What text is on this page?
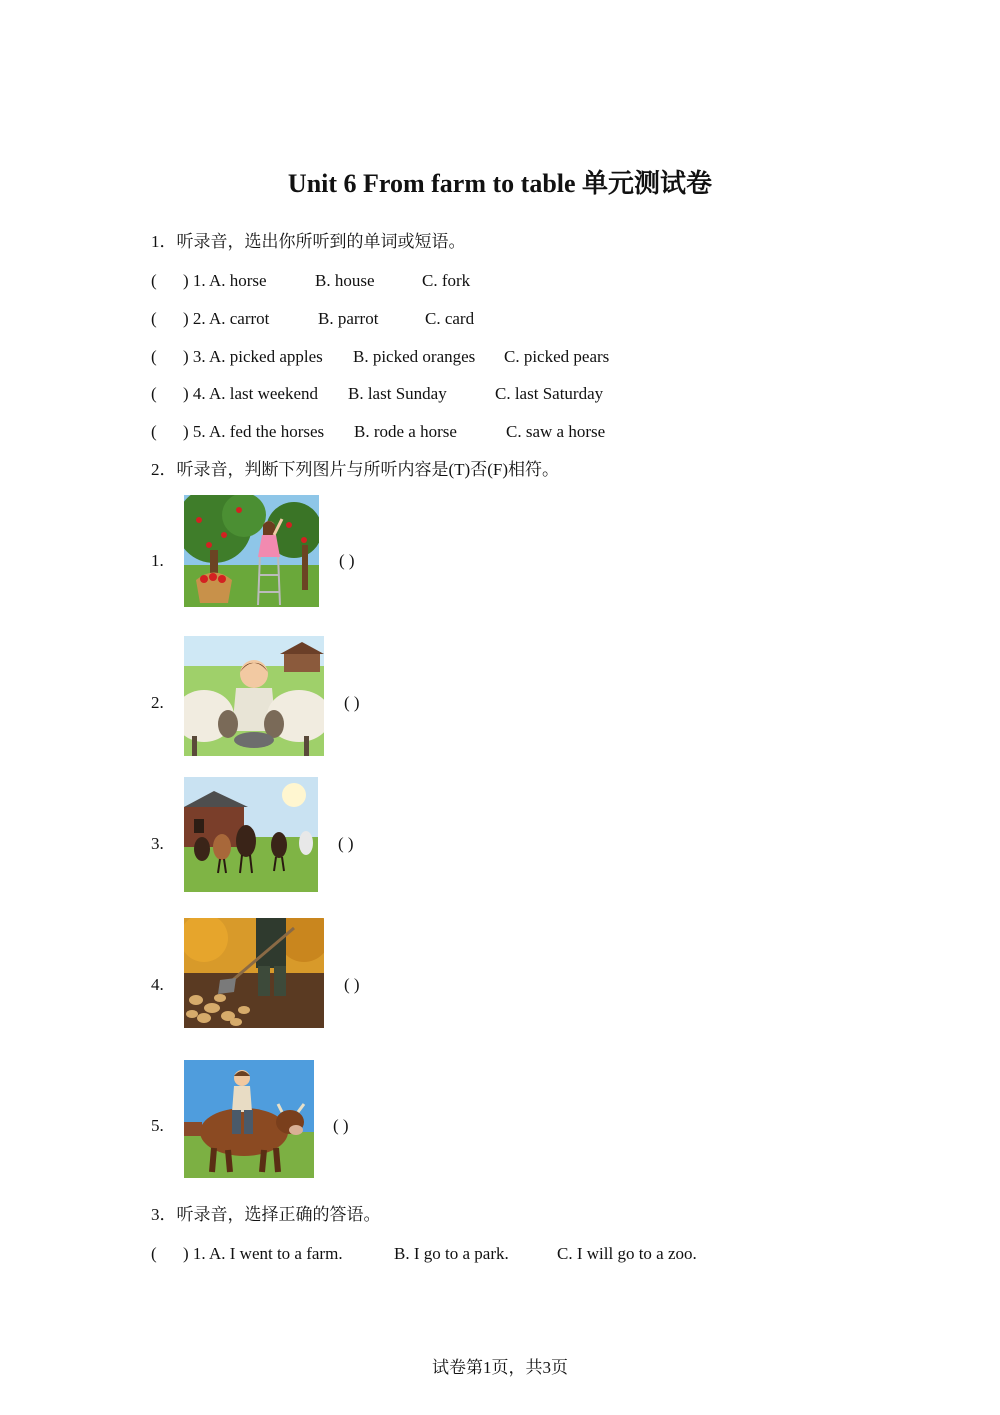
Unit 6 From farm to table 单元测试卷
1．听录音，选出你所听到的单词或短语。
( ) 1. A. horse	B. house	C. fork
( ) 2. A. carrot	B. parrot	C. card
( ) 3. A. picked apples B. picked oranges C. picked pears
( ) 4. A. last weekend B. last Sunday	C. last Saturday
( ) 5. A. fed the horses B. rode a horse	C. saw a horse
2．听录音，判断下列图片与所听内容是(T)否(F)相符。
1.	( )
2.	( )
3.	( )
4.	( )
5.	( )
3．听录音，选择正确的答语。
( ) 1. A. I went to a farm.	B. I go to a park.	C. I will go to a zoo.
试卷第1页，共3页
